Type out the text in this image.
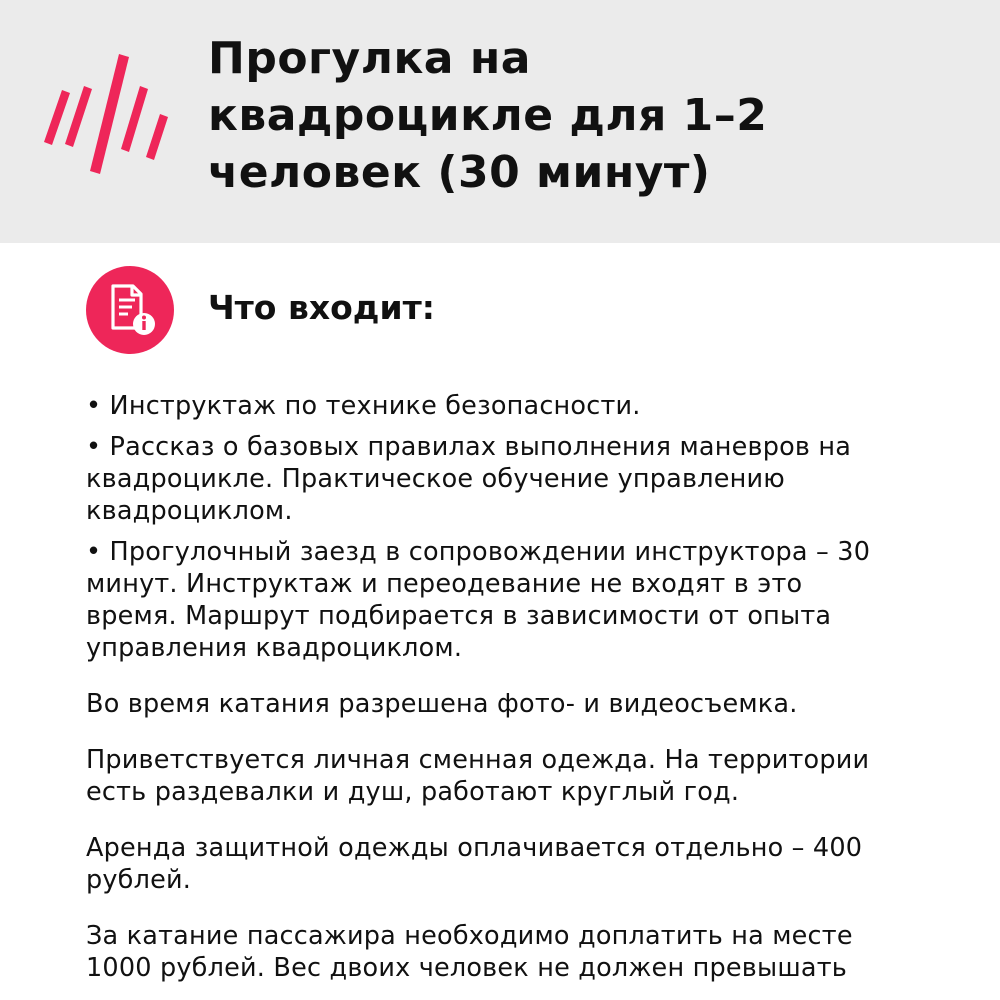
Прогулка на
квадроцикле для 1–2
человек (30 минут)
Что входит:

• Инструктаж по технике безопасности.

• Рассказ о базовых правилах выполнения маневров на
квадроцикле. Практическое обучение управлению
квадроциклом.

• Прогулочный заезд в сопровождении инструктора – 30
минут. Инструктаж и переодевание не входят в это
время. Маршрут подбирается в зависимости от опыта
управления квадроциклом.

Во время катания разрешена фото- и видеосъемка.

Приветствуется личная сменная одежда. На территории
есть раздевалки и душ, работают круглый год.

Аренда защитной одежды оплачивается отдельно – 400
рублей.

За катание пассажира необходимо доплатить на месте
1000 рублей. Вес двоих человек не должен превышать
